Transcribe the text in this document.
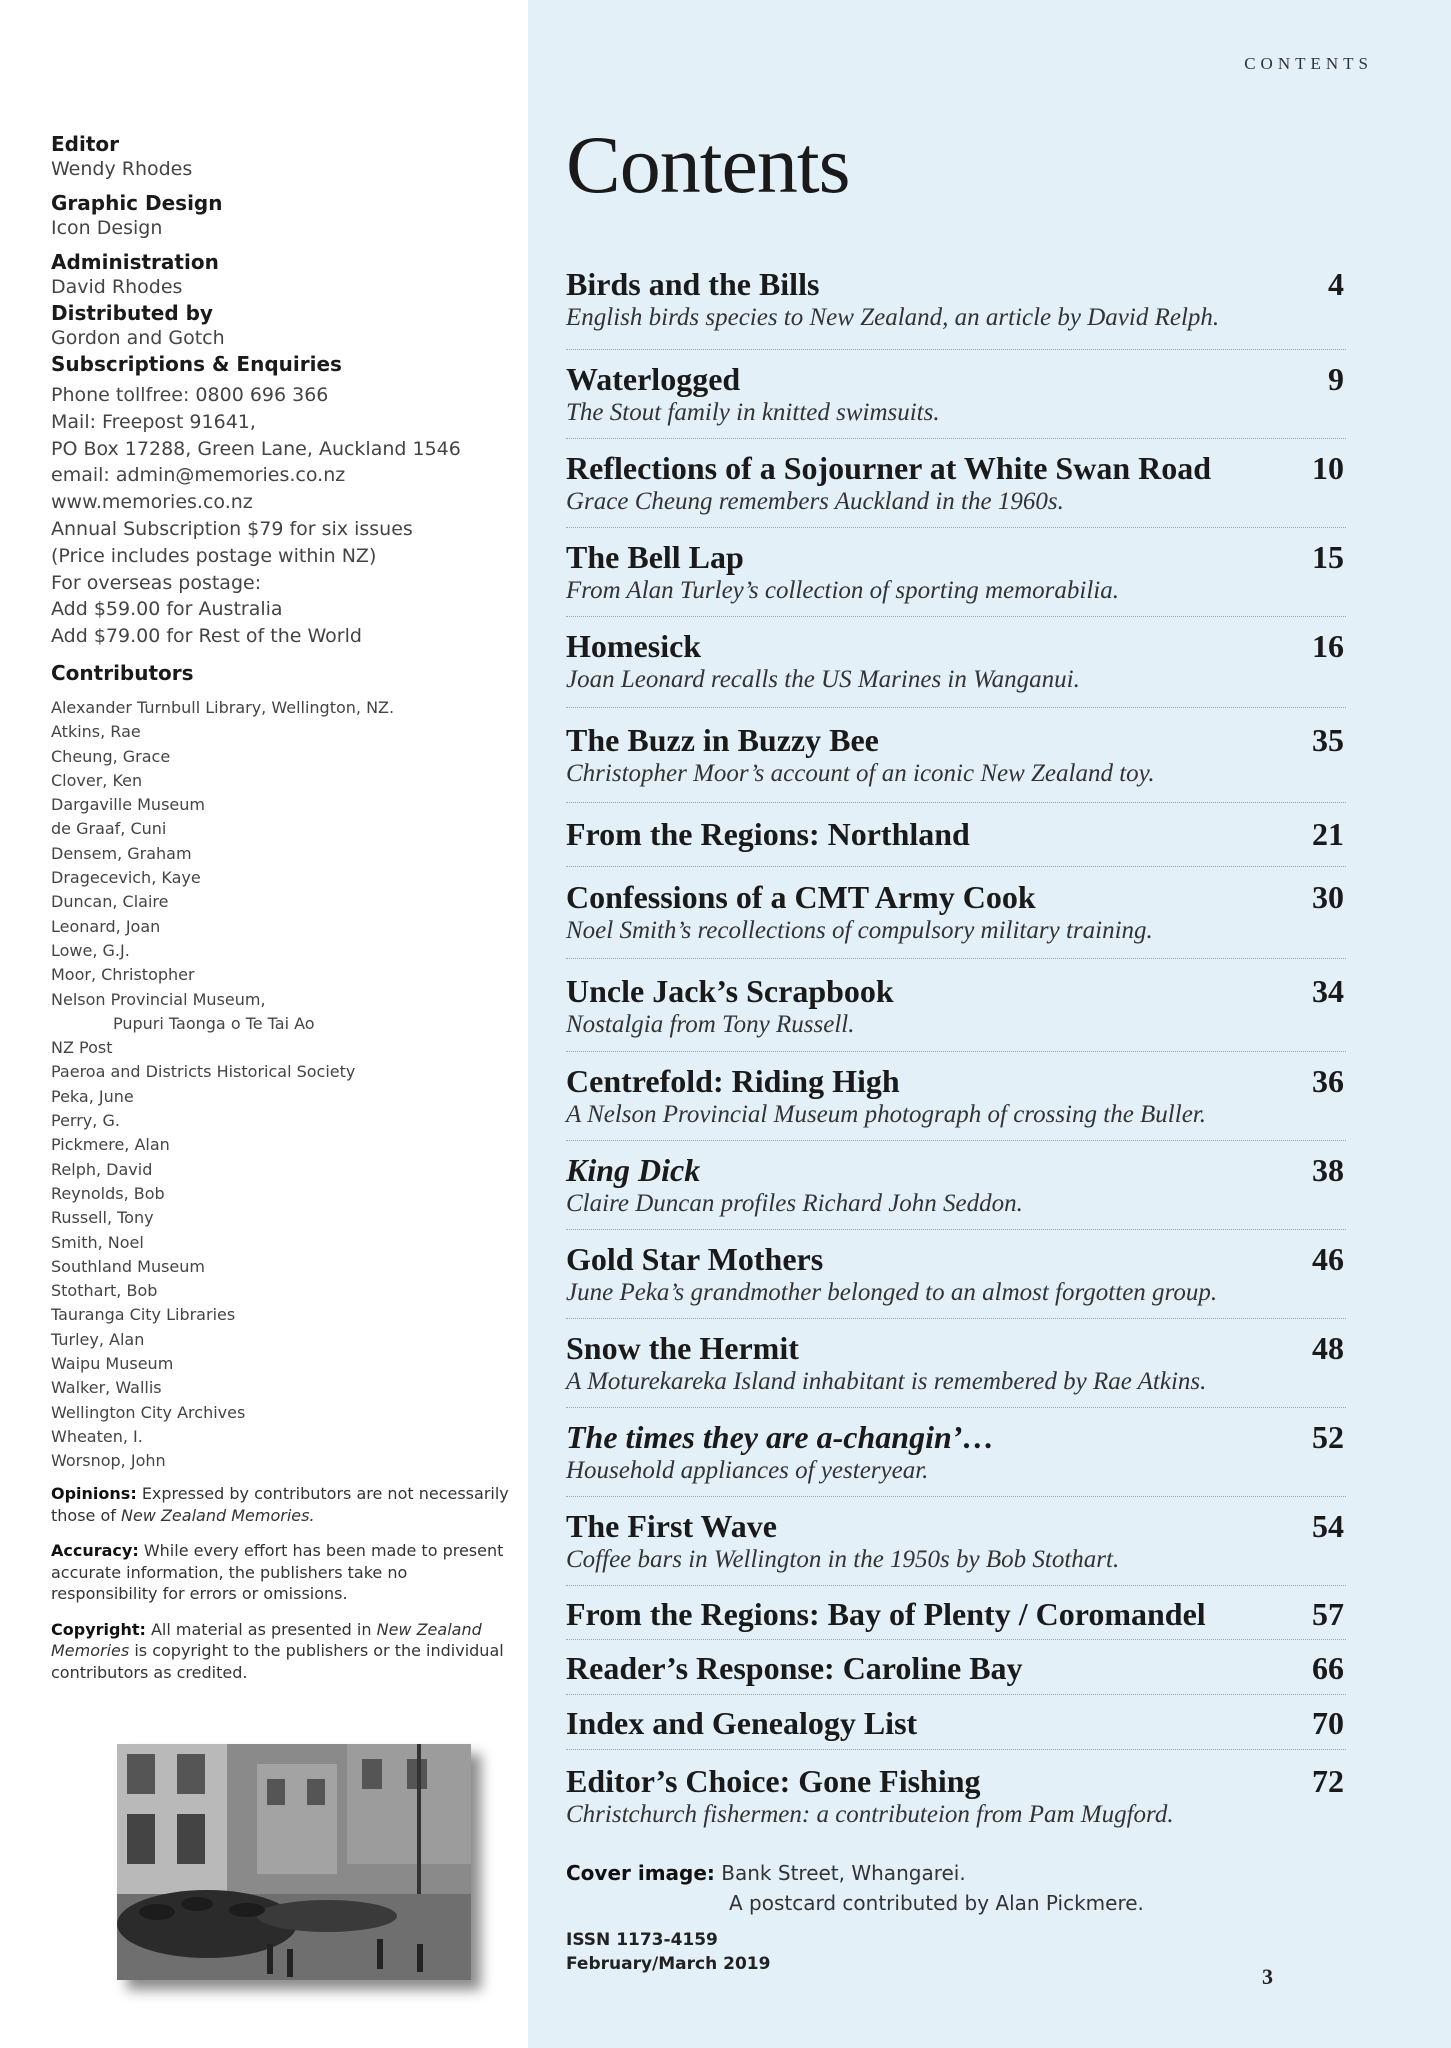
Editor
Wendy Rhodes
Graphic Design
Icon Design
Administration
David Rhodes
Distributed by
Gordon and Gotch
Subscriptions & Enquiries
Phone tollfree: 0800 696 366
Mail: Freepost 91641,
PO Box 17288, Green Lane, Auckland 1546
email: admin@memories.co.nz
www.memories.co.nz
Annual Subscription $79 for six issues
(Price includes postage within NZ)
For overseas postage:
Add $59.00 for Australia
Add $79.00 for Rest of the World
Contributors
Alexander Turnbull Library, Wellington, NZ.
Atkins, Rae
Cheung, Grace
Clover, Ken
Dargaville Museum
de Graaf, Cuni
Densem, Graham
Dragecevich, Kaye
Duncan, Claire
Leonard, Joan
Lowe, G.J.
Moor, Christopher
Nelson Provincial Museum,
Pupuri Taonga o Te Tai Ao
NZ Post
Paeroa and Districts Historical Society
Peka, June
Perry, G.
Pickmere, Alan
Relph, David
Reynolds, Bob
Russell, Tony
Smith, Noel
Southland Museum
Stothart, Bob
Tauranga City Libraries
Turley, Alan
Waipu Museum
Walker, Wallis
Wellington City Archives
Wheaten, I.
Worsnop, John

Opinions: Expressed by contributors are not necessarily those of New Zealand Memories.

Accuracy: While every effort has been made to present accurate information, the publishers take no responsibility for errors or omissions.

Copyright: All material as presented in New Zealand Memories is copyright to the publishers or the individual contributors as credited.

CONTENTS
Contents
Birds and the Bills	4
English birds species to New Zealand, an article by David Relph.
Waterlogged	9
The Stout family in knitted swimsuits.
Reflections of a Sojourner at White Swan Road	10
Grace Cheung remembers Auckland in the 1960s.
The Bell Lap	15
From Alan Turley’s collection of sporting memorabilia.
Homesick	16
Joan Leonard recalls the US Marines in Wanganui.
The Buzz in Buzzy Bee	35
Christopher Moor’s account of an iconic New Zealand toy.
From the Regions: Northland	21
Confessions of a CMT Army Cook	30
Noel Smith’s recollections of compulsory military training.
Uncle Jack’s Scrapbook	34
Nostalgia from Tony Russell.
Centrefold: Riding High	36
A Nelson Provincial Museum photograph of crossing the Buller.
King Dick	38
Claire Duncan profiles Richard John Seddon.
Gold Star Mothers	46
June Peka’s grandmother belonged to an almost forgotten group.
Snow the Hermit	48
A Moturekareka Island inhabitant is remembered by Rae Atkins.
The times they are a-changin’…	52
Household appliances of yesteryear.
The First Wave	54
Coffee bars in Wellington in the 1950s by Bob Stothart.
From the Regions: Bay of Plenty / Coromandel	57
Reader’s Response: Caroline Bay	66
Index and Genealogy List	70
Editor’s Choice: Gone Fishing	72
Christchurch fishermen: a contributeion from Pam Mugford.
Cover image: Bank Street, Whangarei.
A postcard contributed by Alan Pickmere.
ISSN 1173-4159
February/March 2019	3
